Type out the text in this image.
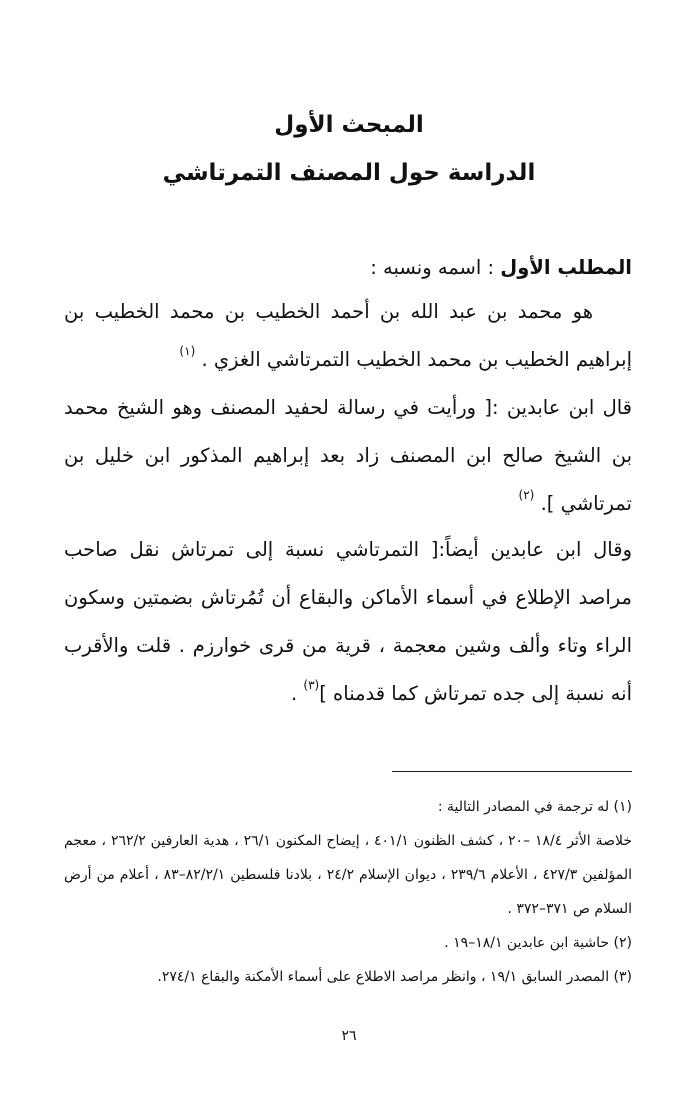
المبحث الأول
الدراسة حول المصنف التمرتاشي
المطلب الأول : اسمه ونسبه :
  هو محمد بن عبد الله بن أحمد الخطيب بن محمد الخطيب بن إبراهيم الخطيب بن محمد الخطيب التمرتاشي الغزي . $^{(١)}$
قال ابن عابدين :[ ورأيت في رسالة لحفيد المصنف وهو الشيخ محمد بن الشيخ صالح ابن المصنف زاد بعد إبراهيم المذكور ابن خليل بن تمرتاشي ]. $^{(٢)}$
وقال ابن عابدين أيضاً:[ التمرتاشي نسبة إلى تمرتاش نقل صاحب مراصد الإطلاع في أسماء الأماكن والبقاع أن تُمُرتاش بضمتين وسكون الراء وتاء وألف وشين معجمة ، قرية من قرى خوارزم . قلت والأقرب أنه نسبة إلى جده تمرتاش كما قدمناه ]$^{(٣)}$ .
(١) له ترجمة في المصادر التالية :
خلاصة الأثر ١٨/٤ –٢٠ ، كشف الظنون ٤٠١/١ ، إيضاح المكنون ٢٦/١ ، هدية العارفين ٢٦٢/٢ ، معجم المؤلفين ٤٢٧/٣ ، الأعلام ٢٣٩/٦ ، ديوان الإسلام ٢٤/٢ ، بلادنا فلسطين ٨٢/٢/١–٨٣ ، أعلام من أرض السلام ص ٣٧١–٣٧٢ .
(٢) حاشية ابن عابدين ١٨/١–١٩ .
(٣) المصدر السابق ١٩/١ ، وانظر مراصد الاطلاع على أسماء الأمكنة والبقاع ٢٧٤/١.
٢٦
